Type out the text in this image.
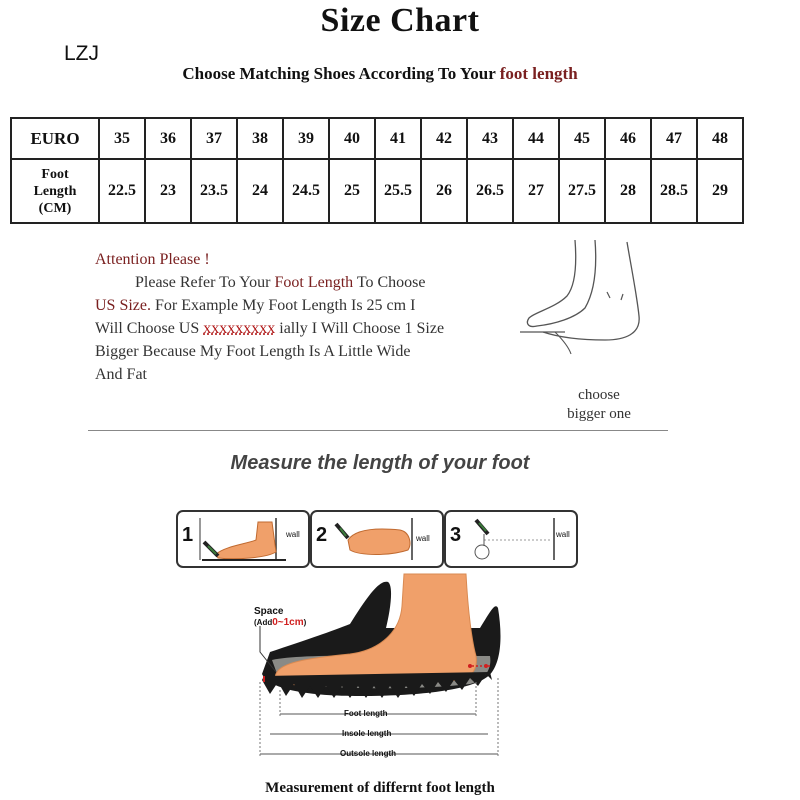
Size Chart
LZJ
Choose Matching Shoes According To Your foot length
EURO	35	36	37	38	39	40	41	42	43	44	45	46	47	48

Foot
Length
(CM)	22.5	23	23.5	24	24.5	25	25.5	26	26.5	27	27.5	28	28.5	29

Attention Please !

Please Refer To Your Foot Length To Choose

US Size. For Example My Foot Length Is 25 cm I

Will Choose US xxxxxxxxx ially I Will Choose 1 Size

Bigger Because My Foot Length Is A Little Wide

And Fat

choose
bigger one
Measure the length of your foot
1	wall 2	wall 3	wall
Space
(Add0~1cm)
Foot length
Insole length
Outsole length
Measurement of differnt foot length
